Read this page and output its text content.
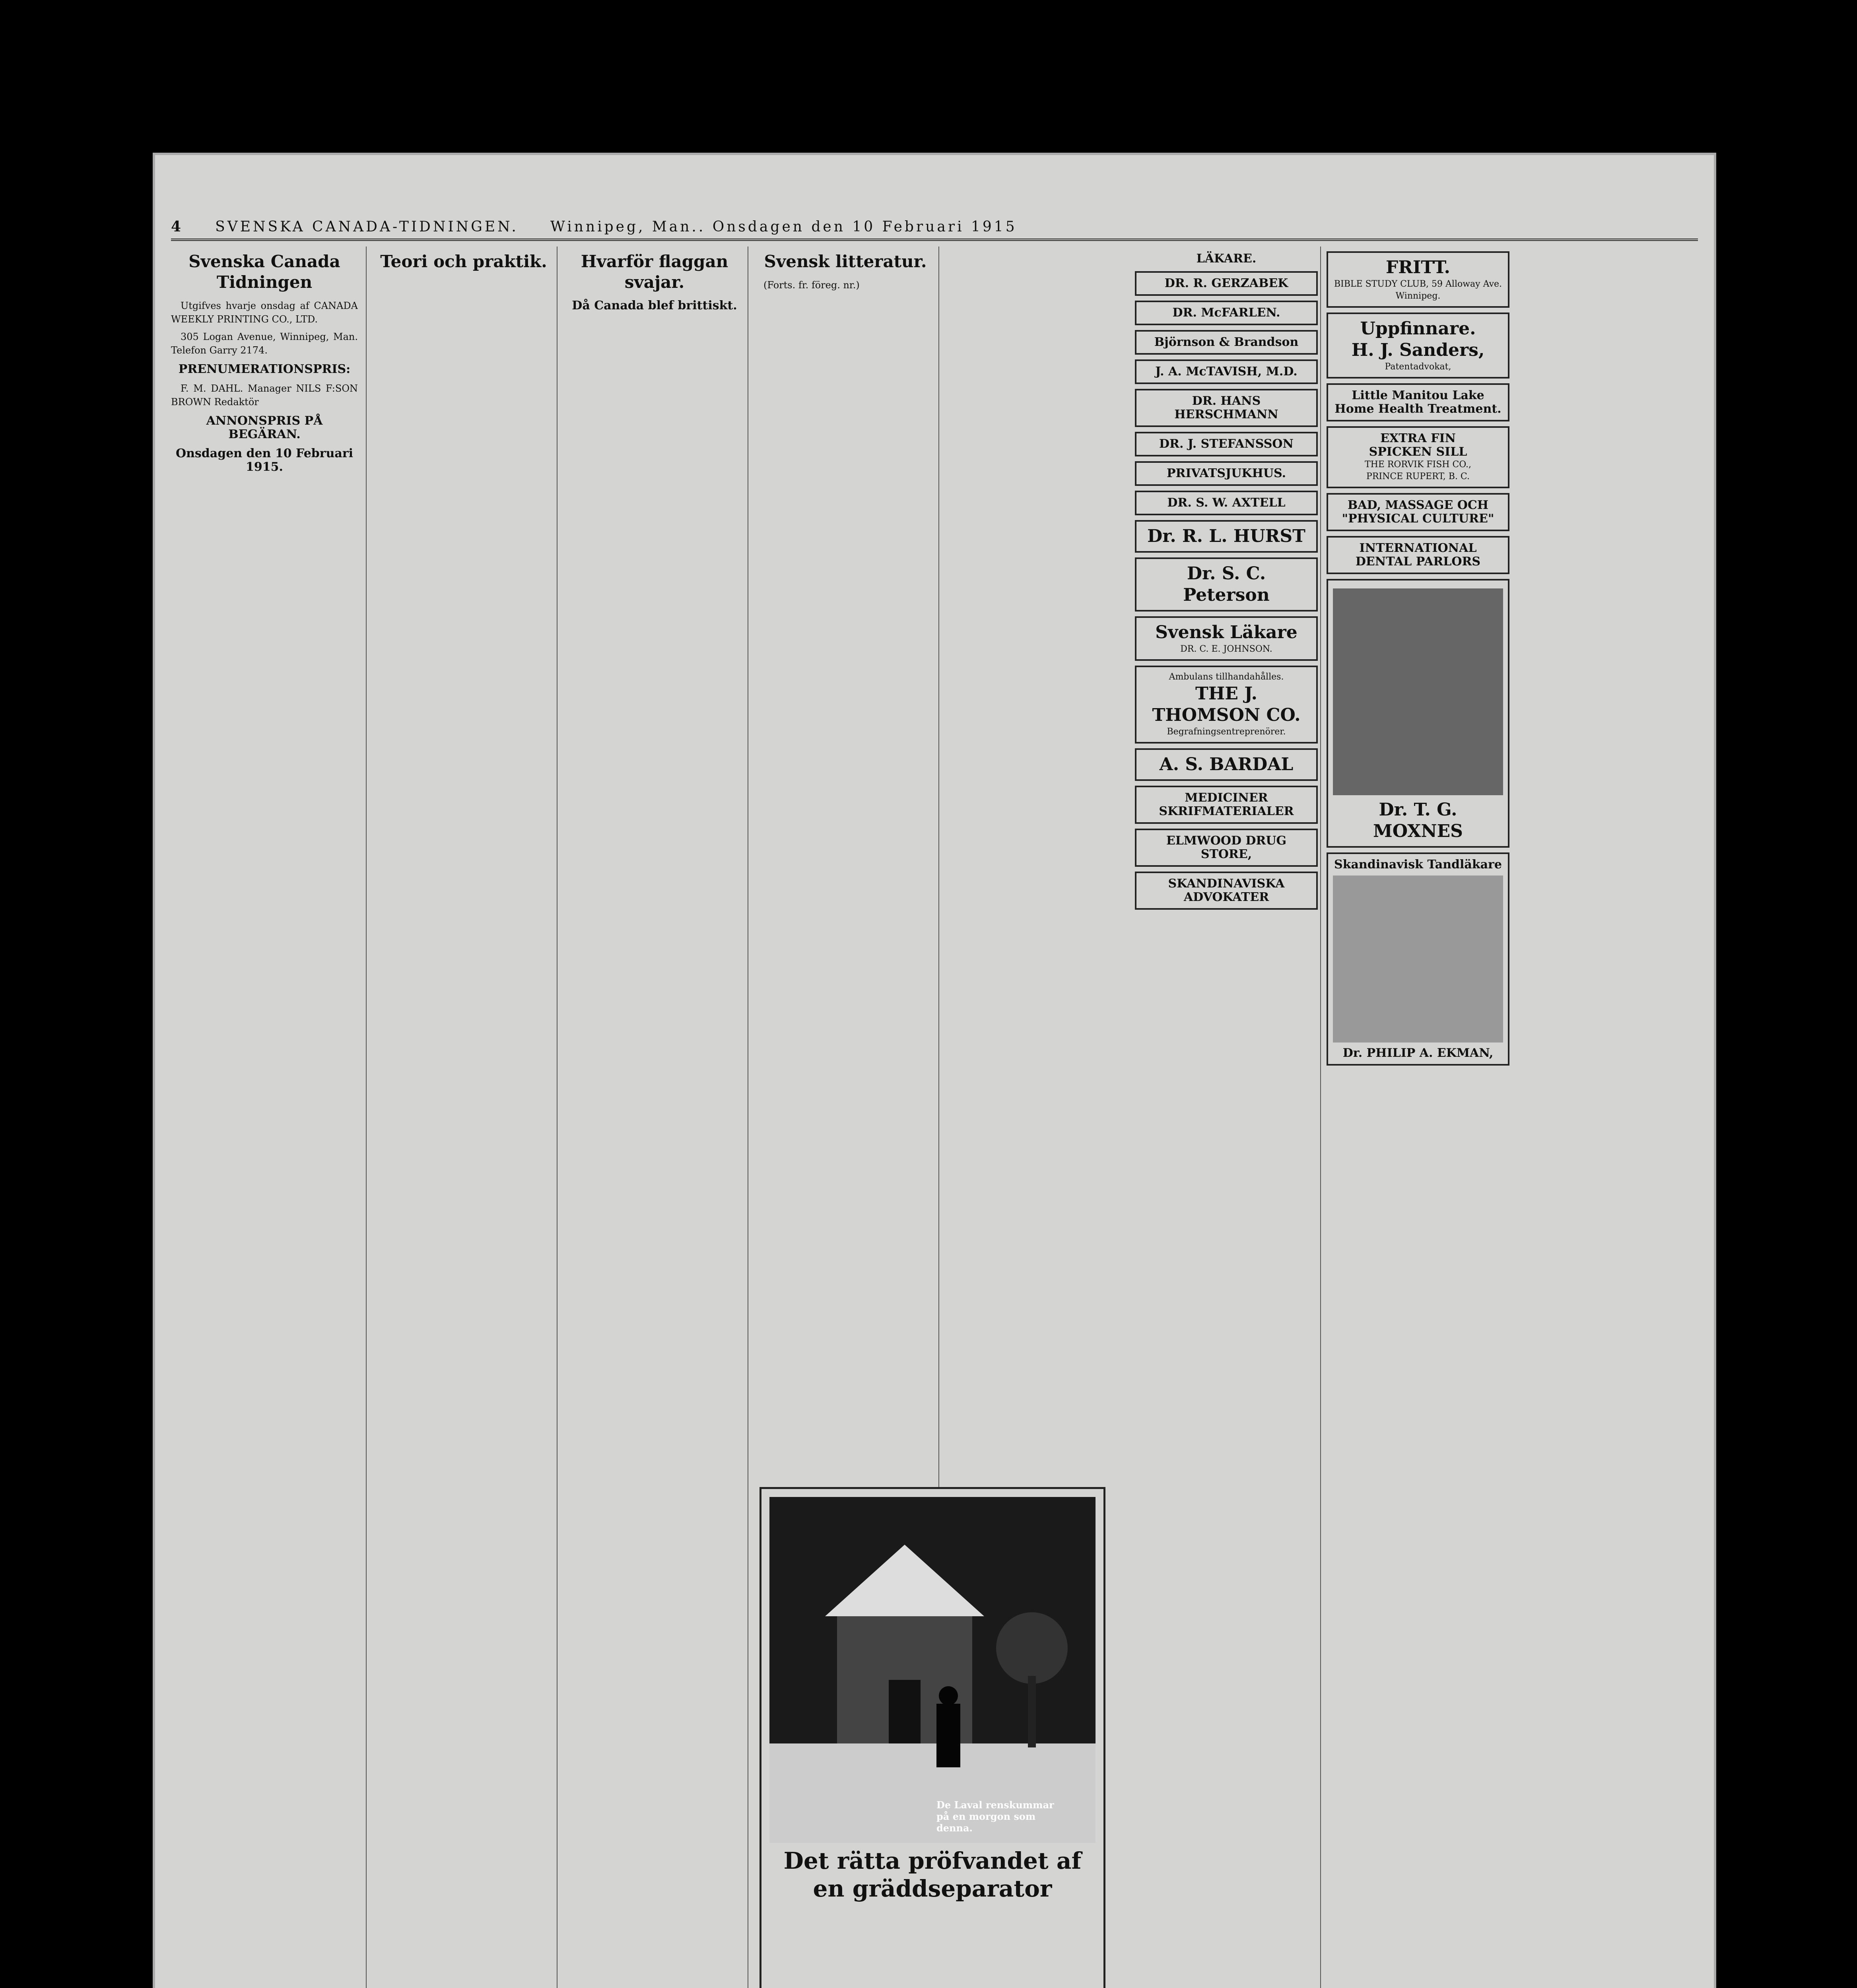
4 SVENSKA CANADA-TIDNINGEN. Winnipeg, Man.. Onsdagen den 10 Februari 1915
Svenska Canada Tidningen

Utgifves hvarje onsdag af CANADA WEEKLY PRINTING CO., LTD.

305 Logan Avenue, Winnipeg, Man. Telefon Garry 2174.

PRENUMERATIONSPRIS:

F. M. DAHL. Manager NILS F:SON BROWN Redaktör

ANNONSPRIS PÅ BEGÄRAN.
Onsdagen den 10 Februari 1915.
Teori och praktik.	Hvarför flaggan svajar.
Då Canada blef brittiskt.
Svensk litteratur.

(Forts. fr. föreg. nr.)

De Laval renskummar på en morgon som denna.
Det rätta pröfvandet af en gräddseparator
LÄKARE.
DR. R. GERZABEK
DR. McFARLEN.
Björnson & Brandson
J. A. McTAVISH, M.D.
DR. HANS HERSCHMANN
DR. J. STEFANSSON
PRIVATSJUKHUS.
DR. S. W. AXTELL
Dr. R. L. HURST
Dr. S. C. Peterson
Svensk Läkare
DR. C. E. JOHNSON.
Ambulans tillhandahålles.
THE J. THOMSON CO.
Begrafningsentreprenörer.
A. S. BARDAL
MEDICINER SKRIFMATERIALER
ELMWOOD DRUG STORE,
SKANDINAVISKA ADVOKATER
FRITT.
BIBLE STUDY CLUB, 59 Alloway Ave. Winnipeg.
Uppfinnare.
H. J. Sanders,
Patentadvokat,
Little Manitou Lake Home Health Treatment.
EXTRA FIN
SPICKEN SILL
THE RORVIK FISH CO.,
PRINCE RUPERT, B. C.
BAD, MASSAGE OCH "PHYSICAL CULTURE"
INTERNATIONAL DENTAL PARLORS
Dr. T. G. MOXNES
Skandinavisk Tandläkare
Dr. PHILIP A. EKMAN,
